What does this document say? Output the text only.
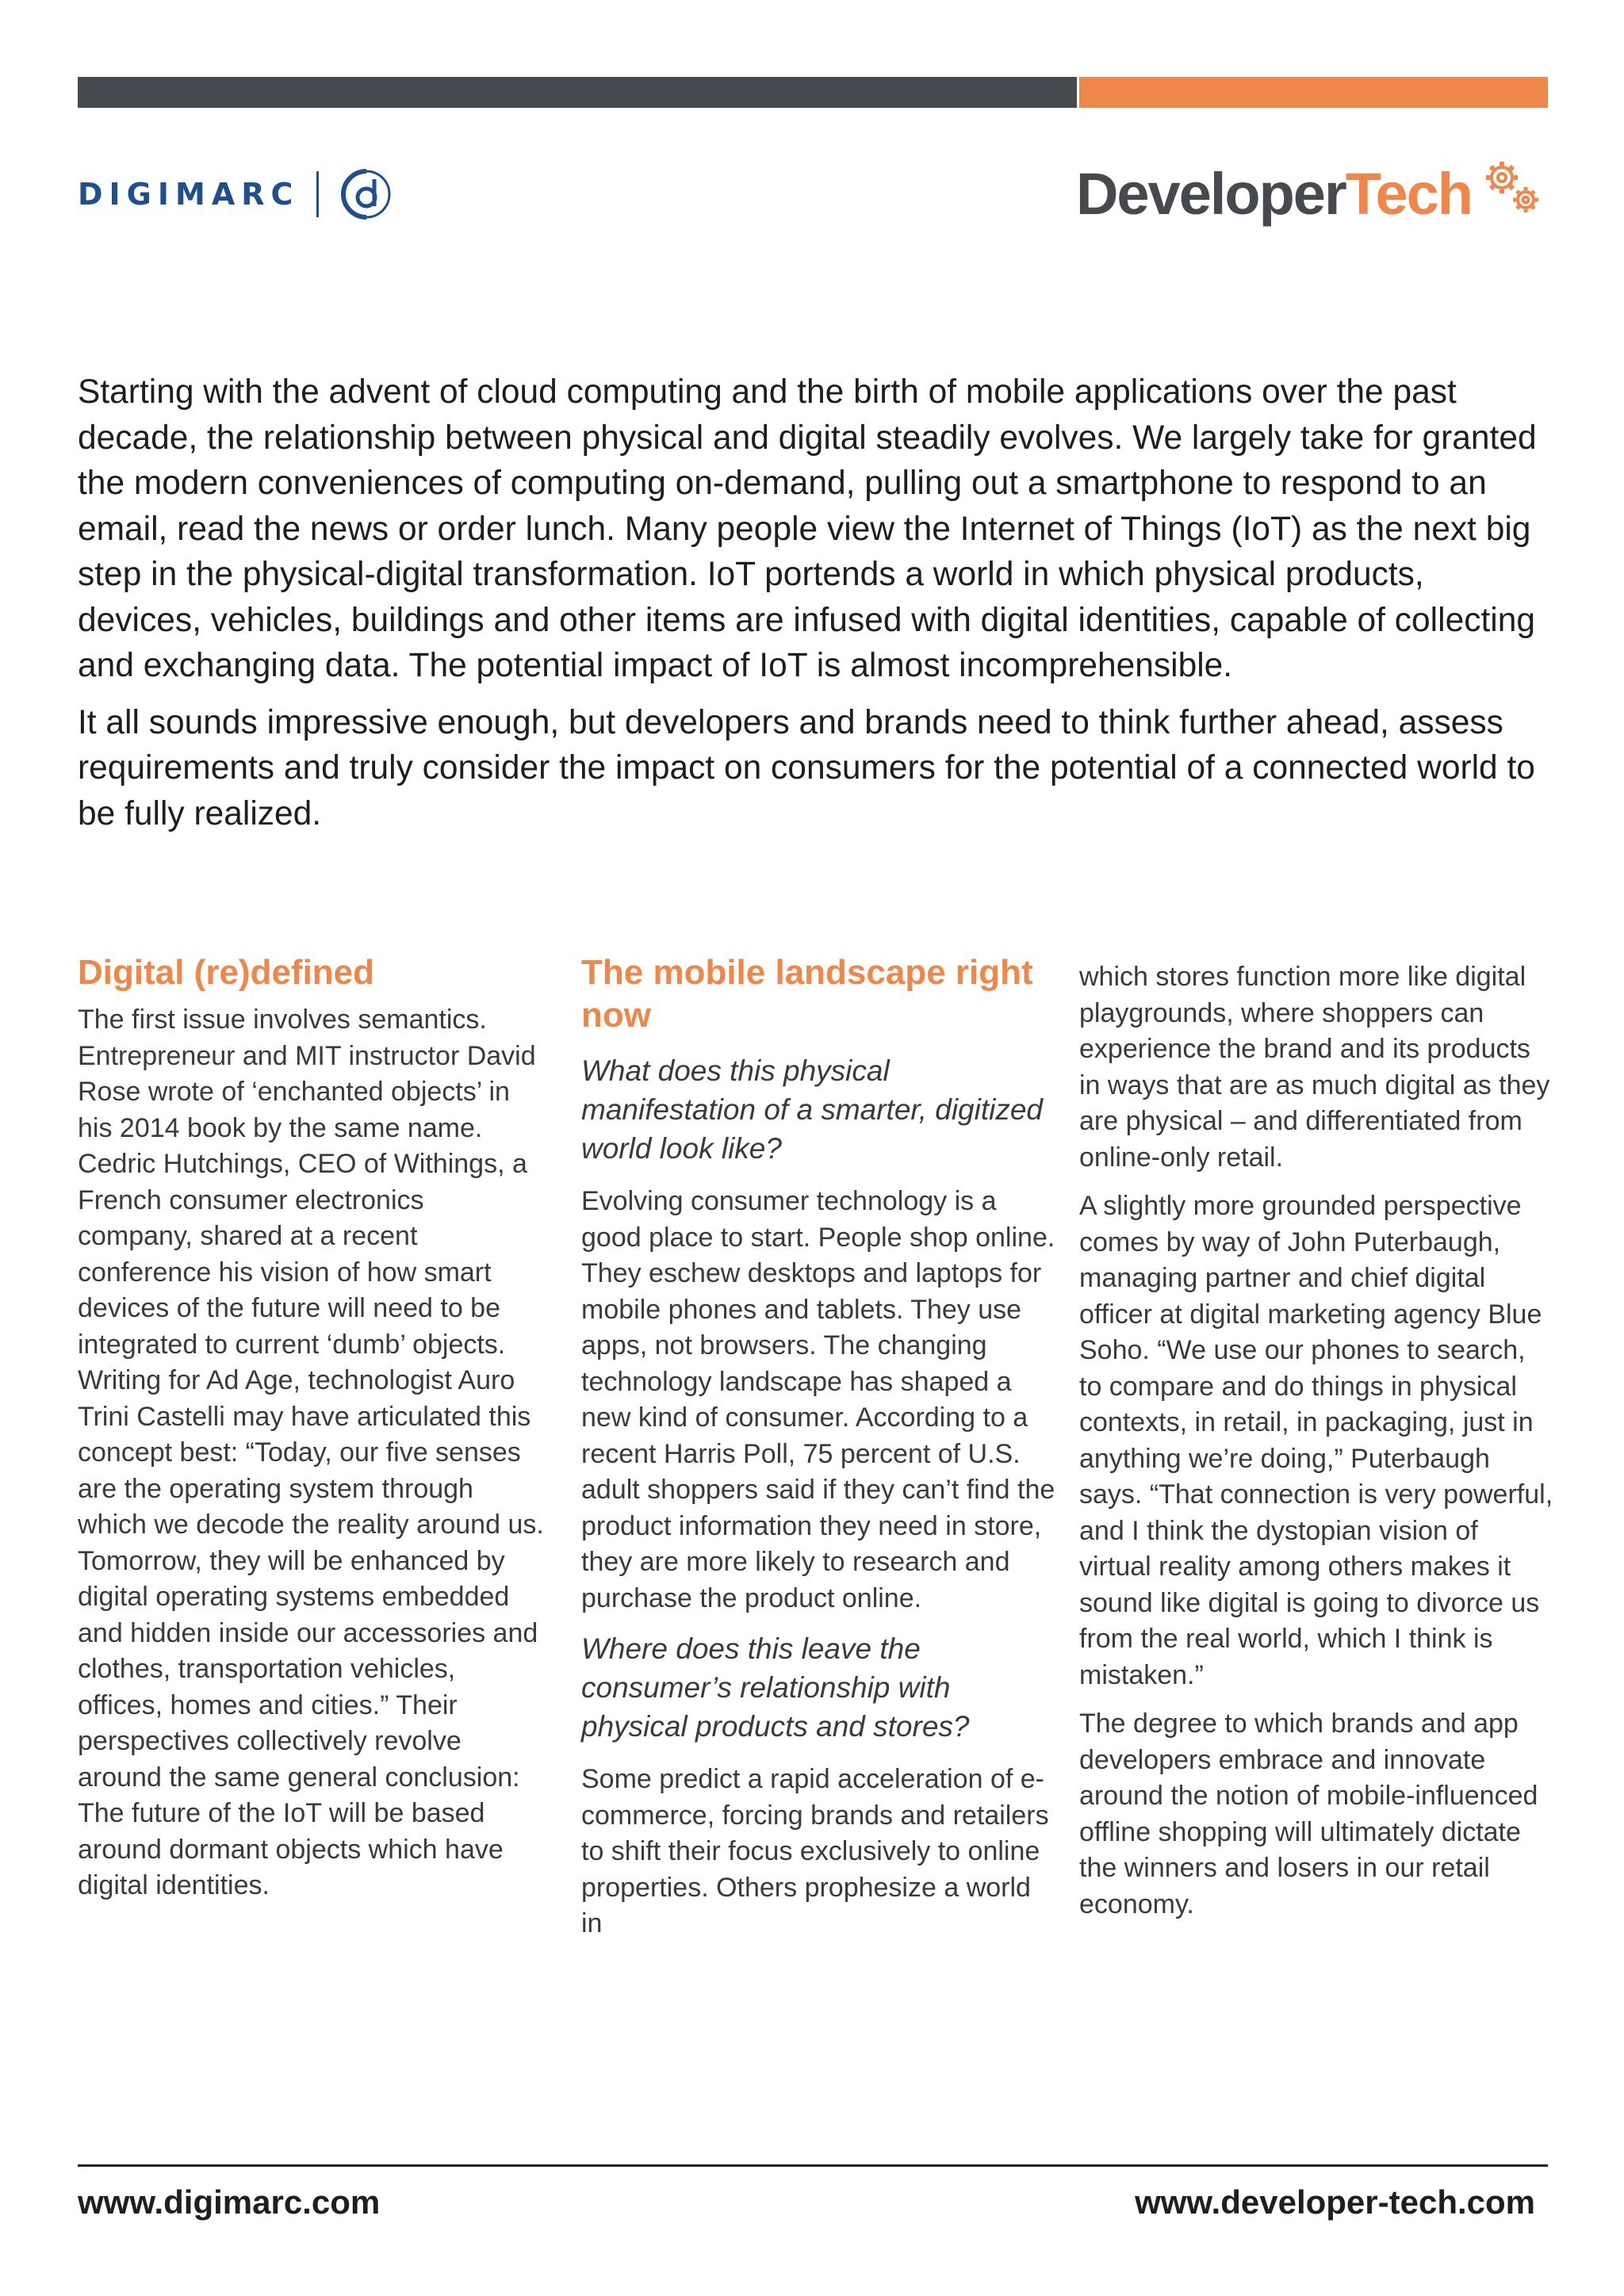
DIGIMARC	DeveloperTech

Starting with the advent of cloud computing and the birth of mobile applications over the past decade, the relationship between physical and digital steadily evolves. We largely take for granted the modern conveniences of computing on-demand, pulling out a smartphone to respond to an email, read the news or order lunch. Many people view the Internet of Things (IoT) as the next big step in the physical-digital transformation. IoT portends a world in which physical products, devices, vehicles, buildings and other items are infused with digital identities, capable of collecting and exchanging data. The potential impact of IoT is almost incomprehensible.

It all sounds impressive enough, but developers and brands need to think further ahead, assess requirements and truly consider the impact on consumers for the potential of a connected world to be fully realized.

Digital (re)defined

The first issue involves semantics. Entrepreneur and MIT instructor David Rose wrote of ‘enchanted objects’ in his 2014 book by the same name. Cedric Hutchings, CEO of Withings, a French consumer electronics company, shared at a recent conference his vision of how smart devices of the future will need to be integrated to current ‘dumb’ objects. Writing for Ad Age, technologist Auro Trini Castelli may have articulated this concept best: “Today, our five senses are the operating system through which we decode the reality around us. Tomorrow, they will be enhanced by digital operating systems embedded and hidden inside our accessories and clothes, transportation vehicles, offices, homes and cities.” Their perspectives collectively revolve around the same general conclusion: The future of the IoT will be based around dormant objects which have digital identities.

The mobile landscape right now

What does this physical manifestation of a smarter, digitized world look like?

Evolving consumer technology is a good place to start. People shop online. They eschew desktops and laptops for mobile phones and tablets. They use apps, not browsers. The changing technology landscape has shaped a new kind of consumer. According to a recent Harris Poll, 75 percent of U.S. adult shoppers said if they can’t find the product information they need in store, they are more likely to research and purchase the product online.

Where does this leave the consumer’s relationship with physical products and stores?

Some predict a rapid acceleration of e-commerce, forcing brands and retailers to shift their focus exclusively to online properties. Others prophesize a world in

which stores function more like digital playgrounds, where shoppers can experience the brand and its products in ways that are as much digital as they are physical – and differentiated from online-only retail.

A slightly more grounded perspective comes by way of John Puterbaugh, managing partner and chief digital officer at digital marketing agency Blue Soho. “We use our phones to search, to compare and do things in physical contexts, in retail, in packaging, just in anything we’re doing,” Puterbaugh says. “That connection is very powerful, and I think the dystopian vision of virtual reality among others makes it sound like digital is going to divorce us from the real world, which I think is mistaken.”

The degree to which brands and app developers embrace and innovate around the notion of mobile-influenced offline shopping will ultimately dictate the winners and losers in our retail economy.

www.digimarc.com	www.developer-tech.com
